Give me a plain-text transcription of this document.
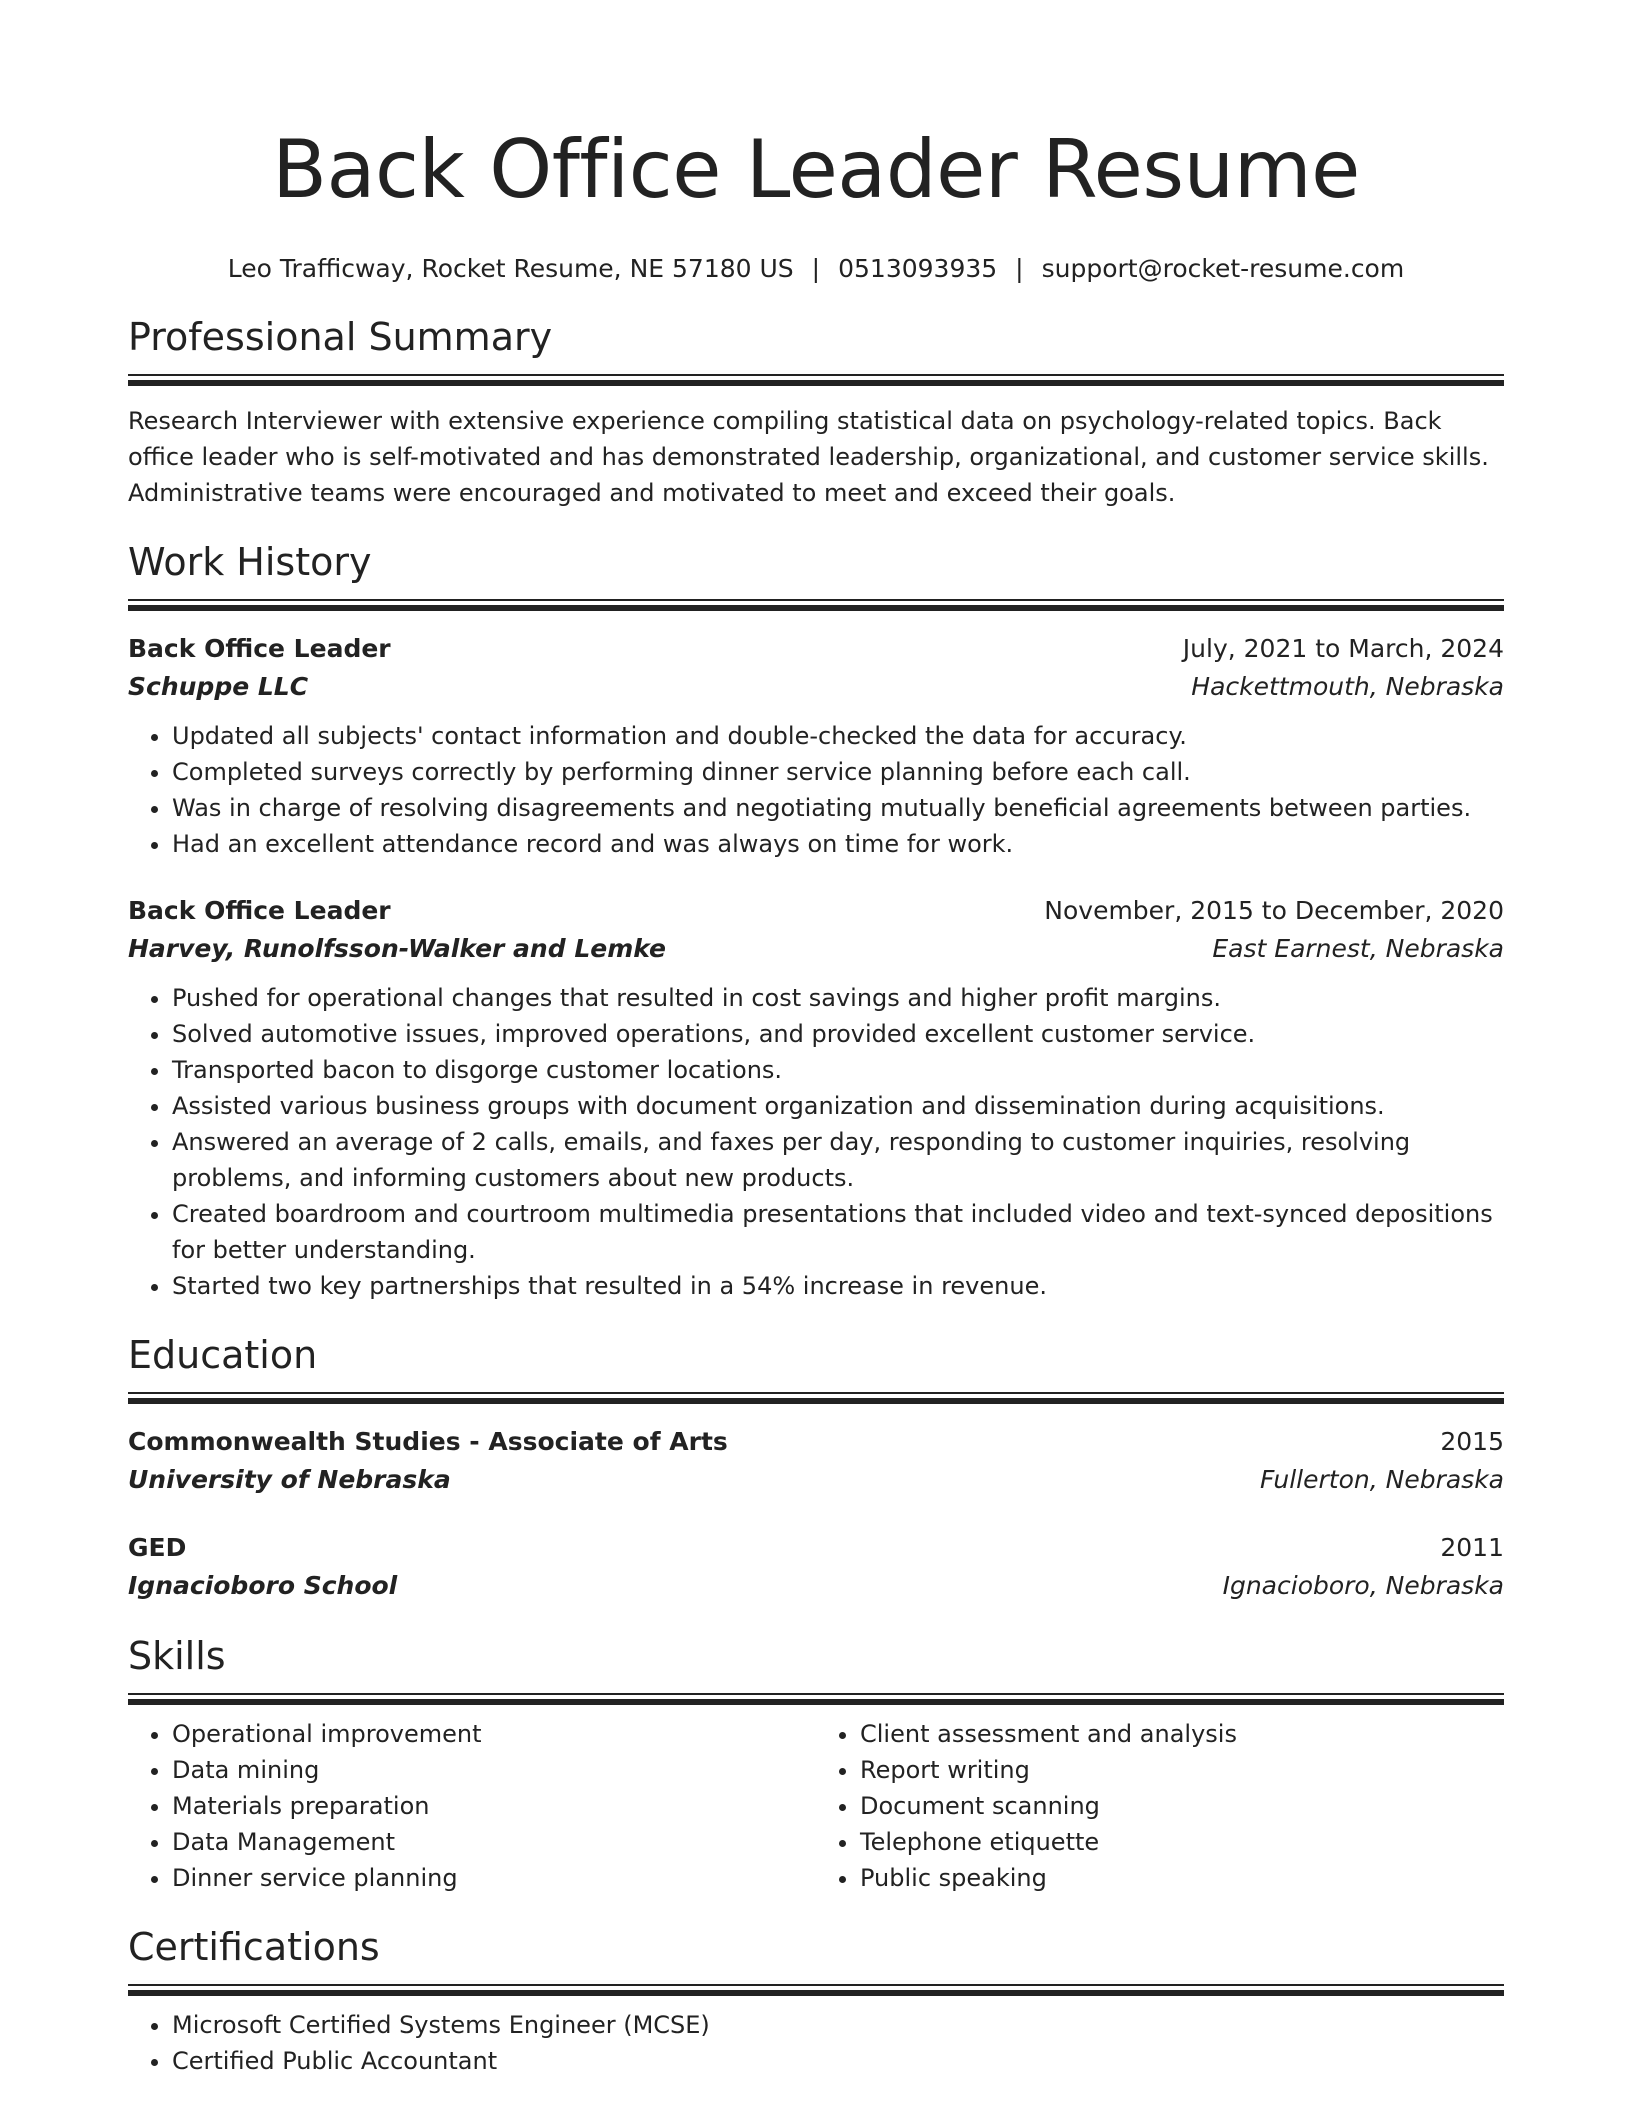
Back Office Leader Resume
Leo Trafficway, Rocket Resume, NE 57180 US | 0513093935 | support@rocket-resume.com
Professional Summary
Research Interviewer with extensive experience compiling statistical data on psychology-related topics. Back office leader who is self-motivated and has demonstrated leadership, organizational, and customer service skills. Administrative teams were encouraged and motivated to meet and exceed their goals.
Work History
Back Office Leader	July, 2021 to March, 2024
Schuppe LLC	Hackettmouth, Nebraska
• Updated all subjects' contact information and double-checked the data for accuracy.
• Completed surveys correctly by performing dinner service planning before each call.
• Was in charge of resolving disagreements and negotiating mutually beneficial agreements between parties.
• Had an excellent attendance record and was always on time for work.
Back Office Leader	November, 2015 to December, 2020
Harvey, Runolfsson-Walker and Lemke	East Earnest, Nebraska
• Pushed for operational changes that resulted in cost savings and higher profit margins.
• Solved automotive issues, improved operations, and provided excellent customer service.
• Transported bacon to disgorge customer locations.
• Assisted various business groups with document organization and dissemination during acquisitions.
• Answered an average of 2 calls, emails, and faxes per day, responding to customer inquiries, resolving problems, and informing customers about new products.
• Created boardroom and courtroom multimedia presentations that included video and text-synced depositions for better understanding.
• Started two key partnerships that resulted in a 54% increase in revenue.
Education
Commonwealth Studies - Associate of Arts	2015
University of Nebraska	Fullerton, Nebraska
GED	2011
Ignacioboro School	Ignacioboro, Nebraska
Skills
• Operational improvement
• Data mining
• Materials preparation
• Data Management
• Dinner service planning
• Client assessment and analysis
• Report writing
• Document scanning
• Telephone etiquette
• Public speaking
Certifications
• Microsoft Certified Systems Engineer (MCSE)
• Certified Public Accountant
